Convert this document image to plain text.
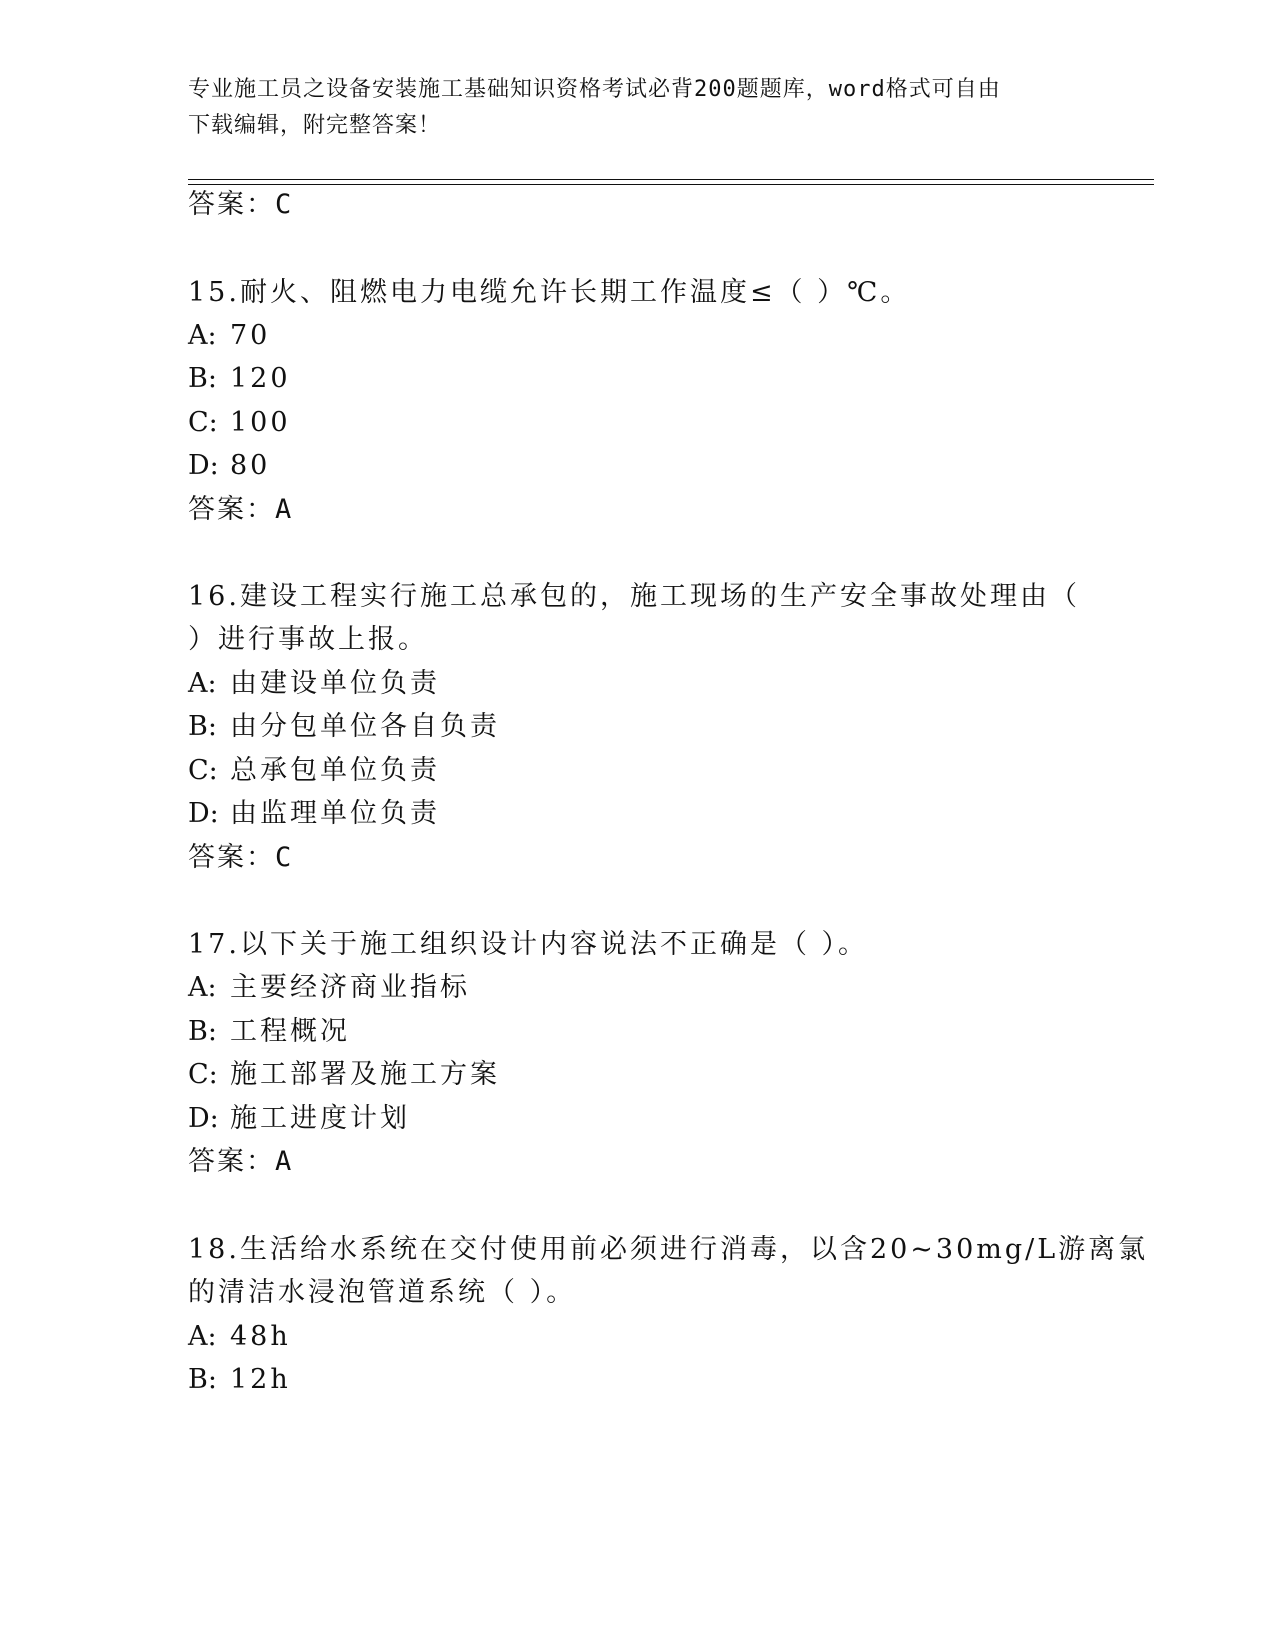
专业施工员之设备安装施工基础知识资格考试必背200题题库，word格式可自由
下载编辑，附完整答案！
答案：C
15.耐火、阻燃电力电缆允许长期工作温度≤（ ）℃。
A: 70
B: 120
C: 100
D: 80
答案：A
16.建设工程实行施工总承包的，施工现场的生产安全事故处理由（
）进行事故上报。
A: 由建设单位负责
B: 由分包单位各自负责
C: 总承包单位负责
D: 由监理单位负责
答案：C
17.以下关于施工组织设计内容说法不正确是（ ）。
A: 主要经济商业指标
B: 工程概况
C: 施工部署及施工方案
D: 施工进度计划
答案：A
18.生活给水系统在交付使用前必须进行消毒，以含20~30mg/L游离氯
的清洁水浸泡管道系统（ ）。
A: 48h
B: 12h
